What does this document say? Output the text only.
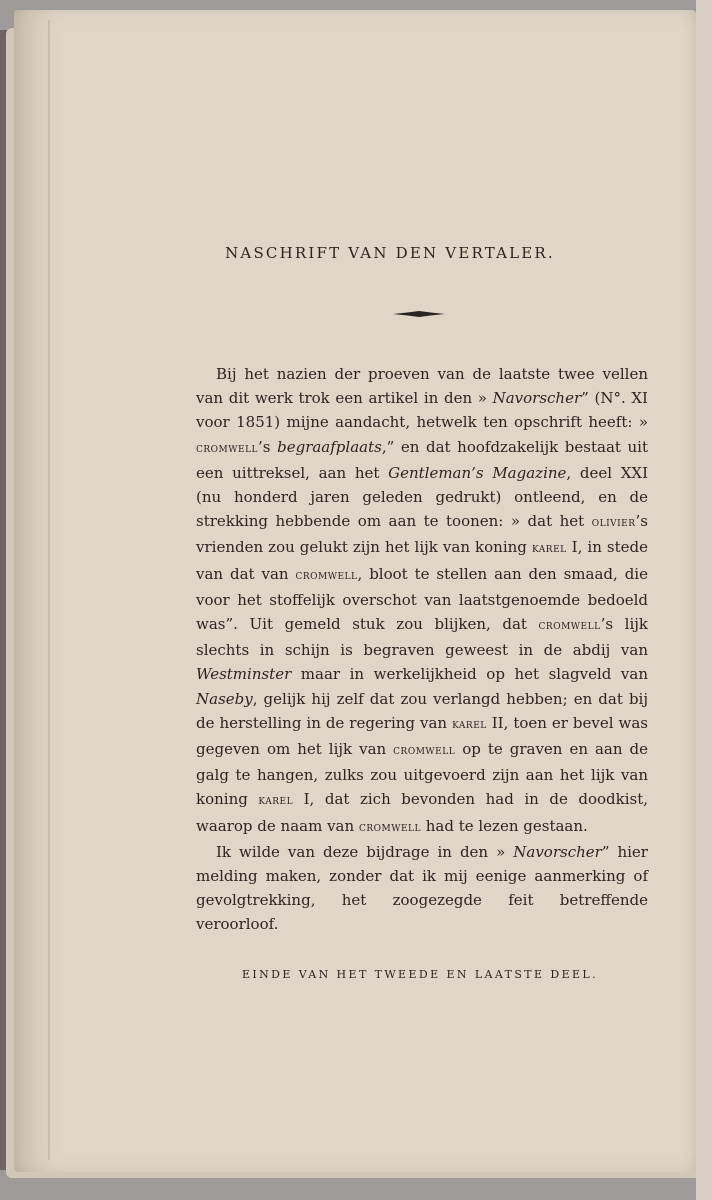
NASCHRIFT VAN DEN VERTALER.

Bij het nazien der proeven van de laatste twee vellen van dit werk trok een artikel in den » Navorscher” (N°. XI voor 1851) mijne aandacht, hetwelk ten opschrift heeft: » cromwell’s begraafplaats,” en dat hoofdzakelijk bestaat uit een uittreksel, aan het Gentleman’s Magazine, deel XXI (nu honderd jaren geleden gedrukt) ontleend, en de strekking hebbende om aan te toonen: » dat het olivier’s vrienden zou gelukt zijn het lijk van koning karel I, in stede van dat van cromwell, bloot te stellen aan den smaad, die voor het stoffelijk overschot van laatstgenoemde bedoeld was”. Uit gemeld stuk zou blijken, dat cromwell’s lijk slechts in schijn is begraven geweest in de abdij van Westminster maar in werkelijkheid op het slagveld van Naseby, gelijk hij zelf dat zou verlangd hebben; en dat bij de herstelling in de regering van karel II, toen er bevel was gegeven om het lijk van cromwell op te graven en aan de galg te hangen, zulks zou uitgevoerd zijn aan het lijk van koning karel I, dat zich bevonden had in de doodkist, waarop de naam van cromwell had te lezen gestaan.

Ik wilde van deze bijdrage in den » Navorscher” hier melding maken, zonder dat ik mij eenige aanmerking of gevolgtrekking, het zoogezegde feit betreffende veroorloof.

EINDE VAN HET TWEEDE EN LAATSTE DEEL.
